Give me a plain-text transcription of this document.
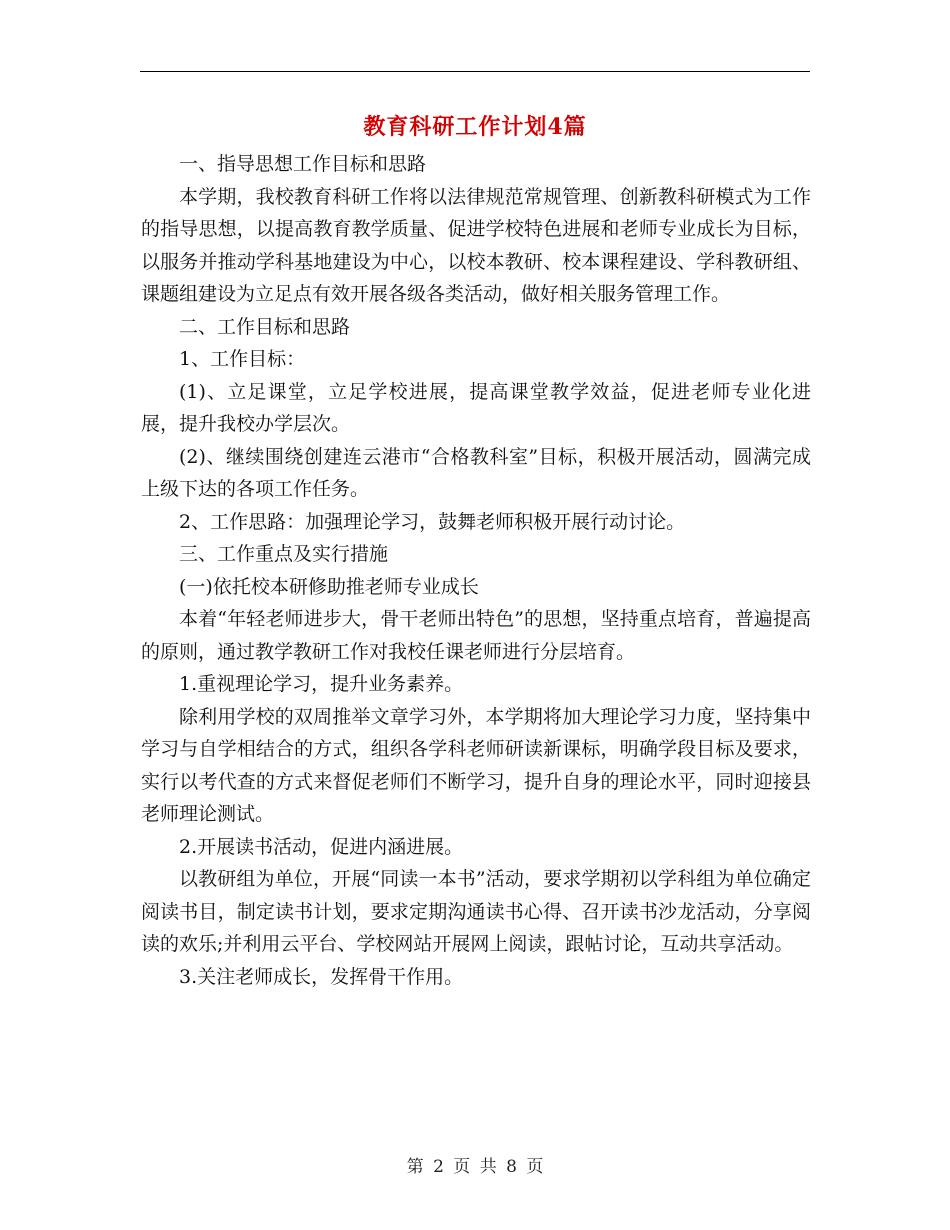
教育科研工作计划4篇

一、指导思想工作目标和思路

本学期，我校教育科研工作将以法律规范常规管理、创新教科研模式为工作的指导思想，以提高教育教学质量、促进学校特色进展和老师专业成长为目标，以服务并推动学科基地建设为中心，以校本教研、校本课程建设、学科教研组、课题组建设为立足点有效开展各级各类活动，做好相关服务管理工作。

二、工作目标和思路

1、工作目标：

(1)、立足课堂，立足学校进展，提高课堂教学效益，促进老师专业化进展，提升我校办学层次。

(2)、继续围绕创建连云港市“合格教科室”目标，积极开展活动，圆满完成上级下达的各项工作任务。

2、工作思路：加强理论学习，鼓舞老师积极开展行动讨论。

三、工作重点及实行措施

(一)依托校本研修助推老师专业成长

本着“年轻老师进步大，骨干老师出特色”的思想，坚持重点培育，普遍提高的原则，通过教学教研工作对我校任课老师进行分层培育。

1.重视理论学习，提升业务素养。

除利用学校的双周推举文章学习外，本学期将加大理论学习力度，坚持集中学习与自学相结合的方式，组织各学科老师研读新课标，明确学段目标及要求，实行以考代查的方式来督促老师们不断学习，提升自身的理论水平，同时迎接县老师理论测试。

2.开展读书活动，促进内涵进展。

以教研组为单位，开展“同读一本书”活动，要求学期初以学科组为单位确定阅读书目，制定读书计划，要求定期沟通读书心得、召开读书沙龙活动，分享阅读的欢乐;并利用云平台、学校网站开展网上阅读，跟帖讨论，互动共享活动。

3.关注老师成长，发挥骨干作用。

第 2 页 共 8 页
